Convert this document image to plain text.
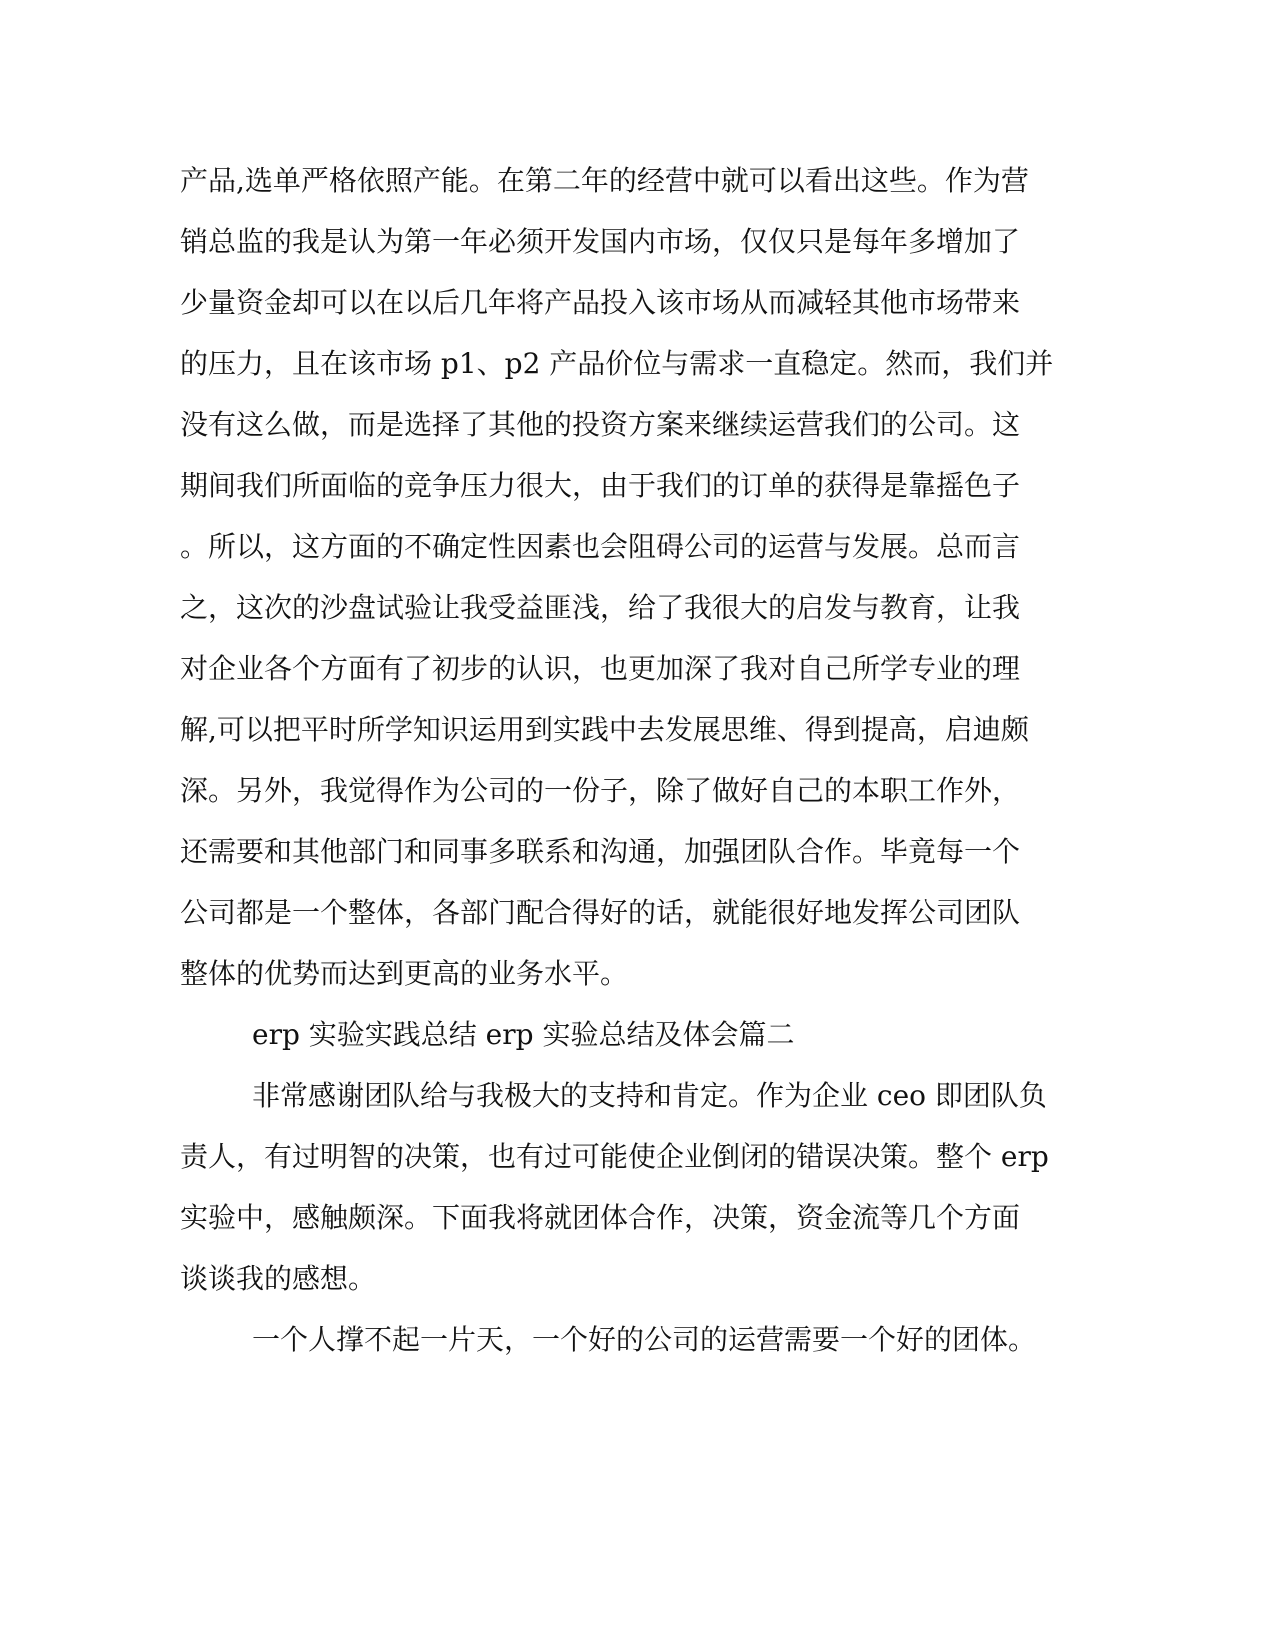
产品,选单严格依照产能。在第二年的经营中就可以看出这些。作为营
销总监的我是认为第一年必须开发国内市场，仅仅只是每年多增加了
少量资金却可以在以后几年将产品投入该市场从而减轻其他市场带来
的压力，且在该市场 p1、p2 产品价位与需求一直稳定。然而，我们并
没有这么做，而是选择了其他的投资方案来继续运营我们的公司。这
期间我们所面临的竞争压力很大，由于我们的订单的获得是靠摇色子
。所以，这方面的不确定性因素也会阻碍公司的运营与发展。总而言
之，这次的沙盘试验让我受益匪浅，给了我很大的启发与教育，让我
对企业各个方面有了初步的认识，也更加深了我对自己所学专业的理
解,可以把平时所学知识运用到实践中去发展思维、得到提高，启迪颇
深。另外，我觉得作为公司的一份子，除了做好自己的本职工作外，
还需要和其他部门和同事多联系和沟通，加强团队合作。毕竟每一个
公司都是一个整体，各部门配合得好的话，就能很好地发挥公司团队
整体的优势而达到更高的业务水平。
erp 实验实践总结 erp 实验总结及体会篇二
非常感谢团队给与我极大的支持和肯定。作为企业 ceo 即团队负
责人，有过明智的决策，也有过可能使企业倒闭的错误决策。整个 erp
实验中，感触颇深。下面我将就团体合作，决策，资金流等几个方面
谈谈我的感想。
一个人撑不起一片天，一个好的公司的运营需要一个好的团体。
